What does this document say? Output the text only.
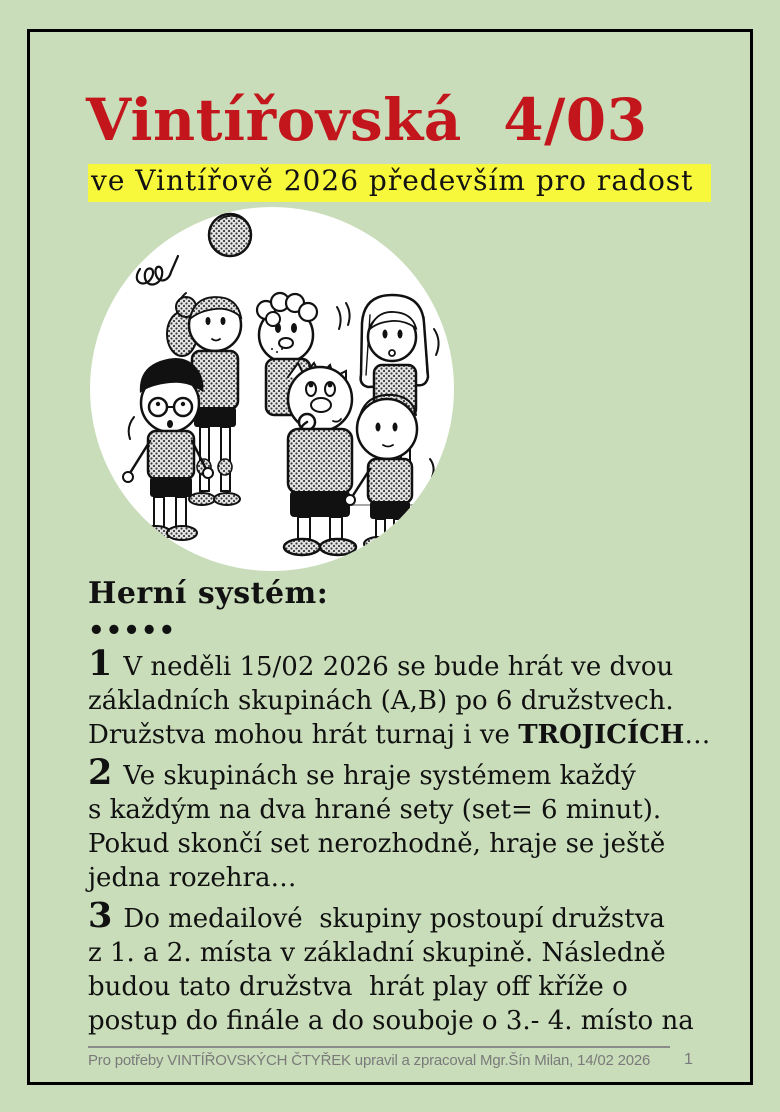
Vintířovská  4/03
ve Vintířově 2026 především pro radost
Herní systém:
•••••

1 V neděli 15/02 2026 se bude hrát ve dvou
základních skupinách (A,B) po 6 družstvech.
Družstva mohou hrát turnaj i ve TROJICÍCH…

2 Ve skupinách se hraje systémem každý
s každým na dva hrané sety (set= 6 minut).
Pokud skončí set nerozhodně, hraje se ještě
jedna rozehra…

3 Do medailové  skupiny postoupí družstva
z 1. a 2. místa v základní skupině. Následně
budou tato družstva  hrát play off kříže o
postup do finále a do souboje o 3.- 4. místo na

Pro potřeby VINTÍŘOVSKÝCH ČTYŘEK upravil a zpracoval Mgr.Šín Milan, 14/02 2026 1
